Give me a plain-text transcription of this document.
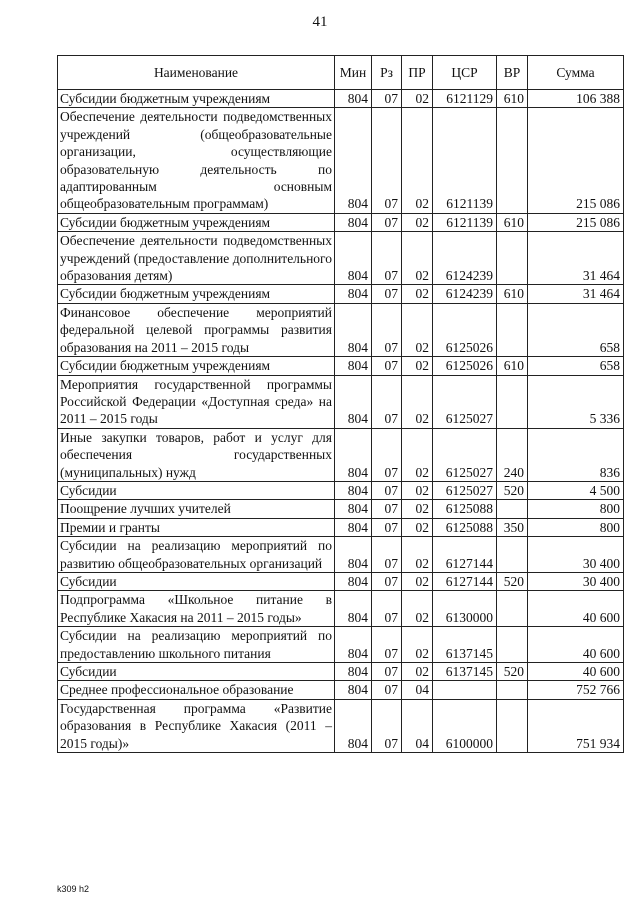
41
Наименование	Мин	Рз	ПР	ЦСР	ВР	Сумма
Субсидии бюджетным учреждениям	804	07	02	6121129	610	106 388
Обеспечение деятельности подведомственных учреждений (общеобразовательные организации, осуществляющие образовательную деятельность по адаптированным основным общеобразовательным программам)	804	07	02	6121139		215 086
Субсидии бюджетным учреждениям	804	07	02	6121139	610	215 086
Обеспечение деятельности подведомственных учреждений (предоставление дополнительного образования детям)	804	07	02	6124239		31 464
Субсидии бюджетным учреждениям	804	07	02	6124239	610	31 464
Финансовое обеспечение мероприятий федеральной целевой программы развития образования на 2011 – 2015 годы	804	07	02	6125026		658
Субсидии бюджетным учреждениям	804	07	02	6125026	610	658
Мероприятия государственной программы Российской Федерации «Доступная среда» на 2011 – 2015 годы	804	07	02	6125027		5 336
Иные закупки товаров, работ и услуг для обеспечения государственных (муниципальных) нужд	804	07	02	6125027	240	836
Субсидии	804	07	02	6125027	520	4 500
Поощрение лучших учителей	804	07	02	6125088		800
Премии и гранты	804	07	02	6125088	350	800
Субсидии на реализацию мероприятий по развитию общеобразовательных организаций	804	07	02	6127144		30 400
Субсидии	804	07	02	6127144	520	30 400
Подпрограмма «Школьное питание в Республике Хакасия на 2011 – 2015 годы»	804	07	02	6130000		40 600
Субсидии на реализацию мероприятий по предоставлению школьного питания	804	07	02	6137145		40 600
Субсидии	804	07	02	6137145	520	40 600
Среднее профессиональное образование	804	07	04			752 766
Государственная программа «Развитие образования в Республике Хакасия (2011 – 2015 годы)»	804	07	04	6100000		751 934
k309 h2
